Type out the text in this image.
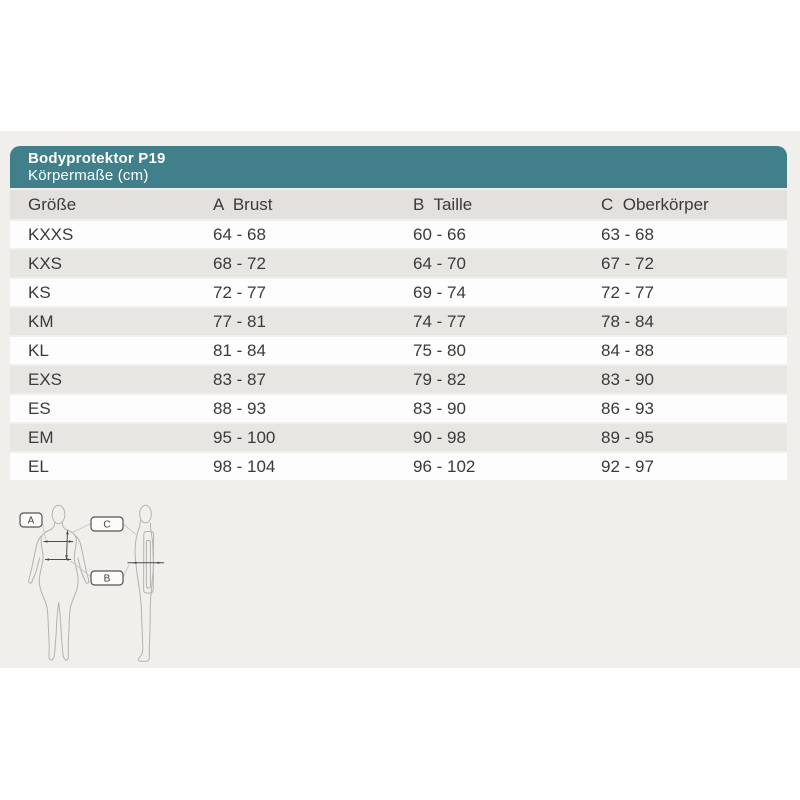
Bodyprotektor P19
Körpermaße (cm)
Größe	A  Brust	B  Taille	C  Oberkörper
KXXS	64 - 68	60 - 66	63 - 68
KXS	68 - 72	64 - 70	67 - 72
KS	72 - 77	69 - 74	72 - 77
KM	77 - 81	74 - 77	78 - 84
KL	81 - 84	75 - 80	84 - 88
EXS	83 - 87	79 - 82	83 - 90
ES	88 - 93	83 - 90	86 - 93
EM	95 - 100	90 - 98	89 - 95
EL	98 - 104	96 - 102	92 - 97
A	C
B
